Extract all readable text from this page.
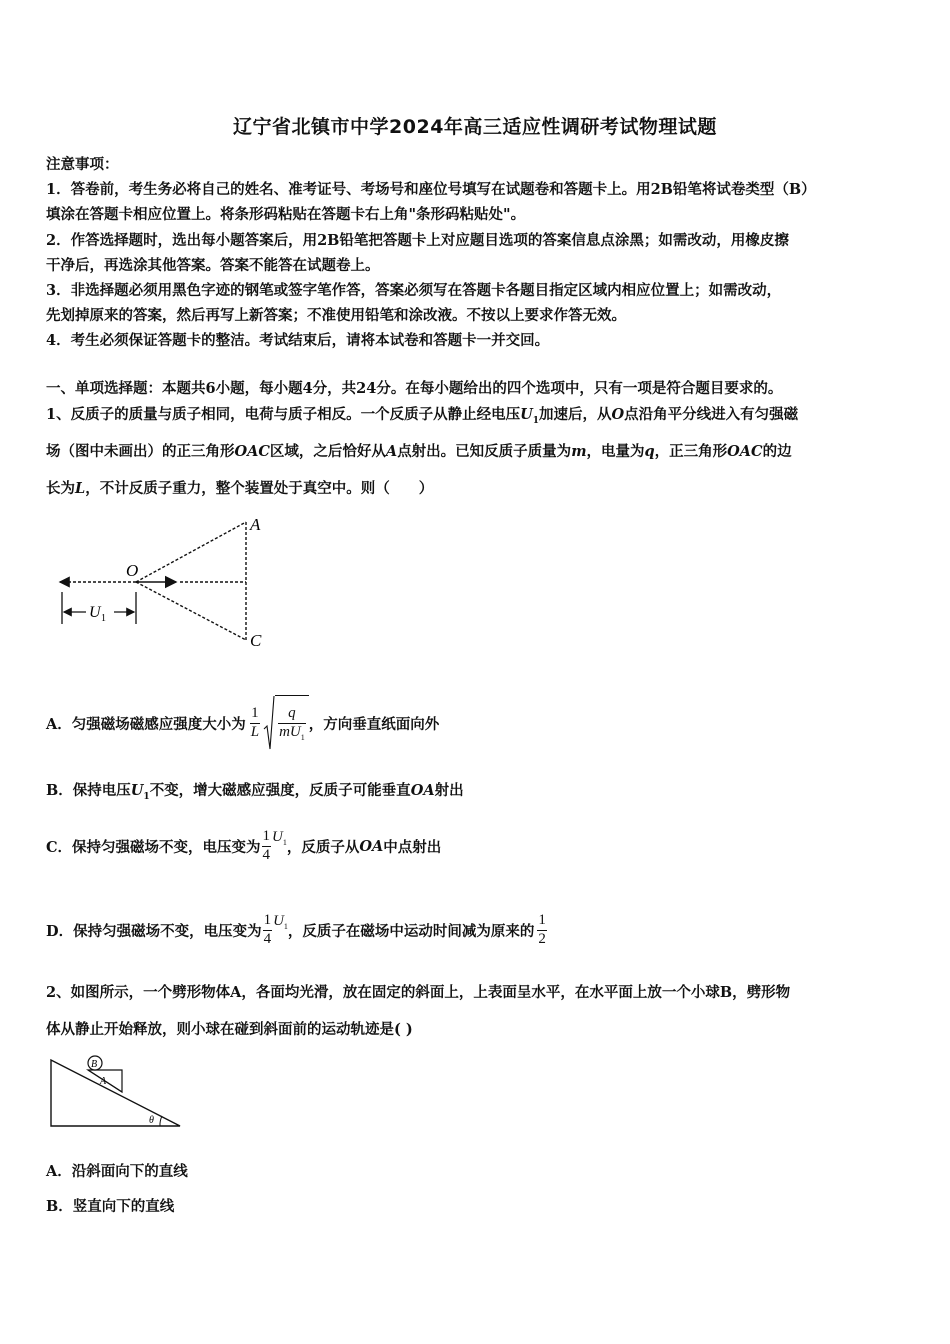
辽宁省北镇市中学2024年高三适应性调研考试物理试题
注意事项：
1．答卷前，考生务必将自己的姓名、准考证号、考场号和座位号填写在试题卷和答题卡上。用2B铅笔将试卷类型（B）
填涂在答题卡相应位置上。将条形码粘贴在答题卡右上角"条形码粘贴处"。
2．作答选择题时，选出每小题答案后，用2B铅笔把答题卡上对应题目选项的答案信息点涂黑；如需改动，用橡皮擦
干净后，再选涂其他答案。答案不能答在试题卷上。
3．非选择题必须用黑色字迹的钢笔或签字笔作答，答案必须写在答题卡各题目指定区域内相应位置上；如需改动，
先划掉原来的答案，然后再写上新答案；不准使用铅笔和涂改液。不按以上要求作答无效。
4．考生必须保证答题卡的整洁。考试结束后，请将本试卷和答题卡一并交回。
一、单项选择题：本题共6小题，每小题4分，共24分。在每小题给出的四个选项中，只有一项是符合题目要求的。
1、反质子的质量与质子相同，电荷与质子相反。一个反质子从静止经电压$U_1$加速后，从O点沿角平分线进入有匀强磁
场（图中未画出）的正三角形OAC区域，之后恰好从A点射出。已知反质子质量为m，电量为q，正三角形OAC的边
长为L，不计反质子重力，整个装置处于真空中。则（　　）
O
A
C
U 1
A．匀强磁场磁感应强度大小为 $\frac{1}{L} \frac{q}{mU_1}$ ，方向垂直纸面向外
B．保持电压$U_1$不变，增大磁感应强度，反质子可能垂直OA射出
C．保持匀强磁场不变，电压变为 $\frac{1}{4} U_1$ ，反质子从 OA 中点射出
D．保持匀强磁场不变，电压变为 $\frac{1}{4} U_1$ ，反质子在磁场中运动时间减为原来的 $\frac{1}{2}$
2、如图所示，一个劈形物体A，各面均光滑，放在固定的斜面上，上表面呈水平，在水平面上放一个小球B，劈形物
体从静止开始释放，则小球在碰到斜面前的运动轨迹是( )
B
A
θ
A．沿斜面向下的直线
B．竖直向下的直线
